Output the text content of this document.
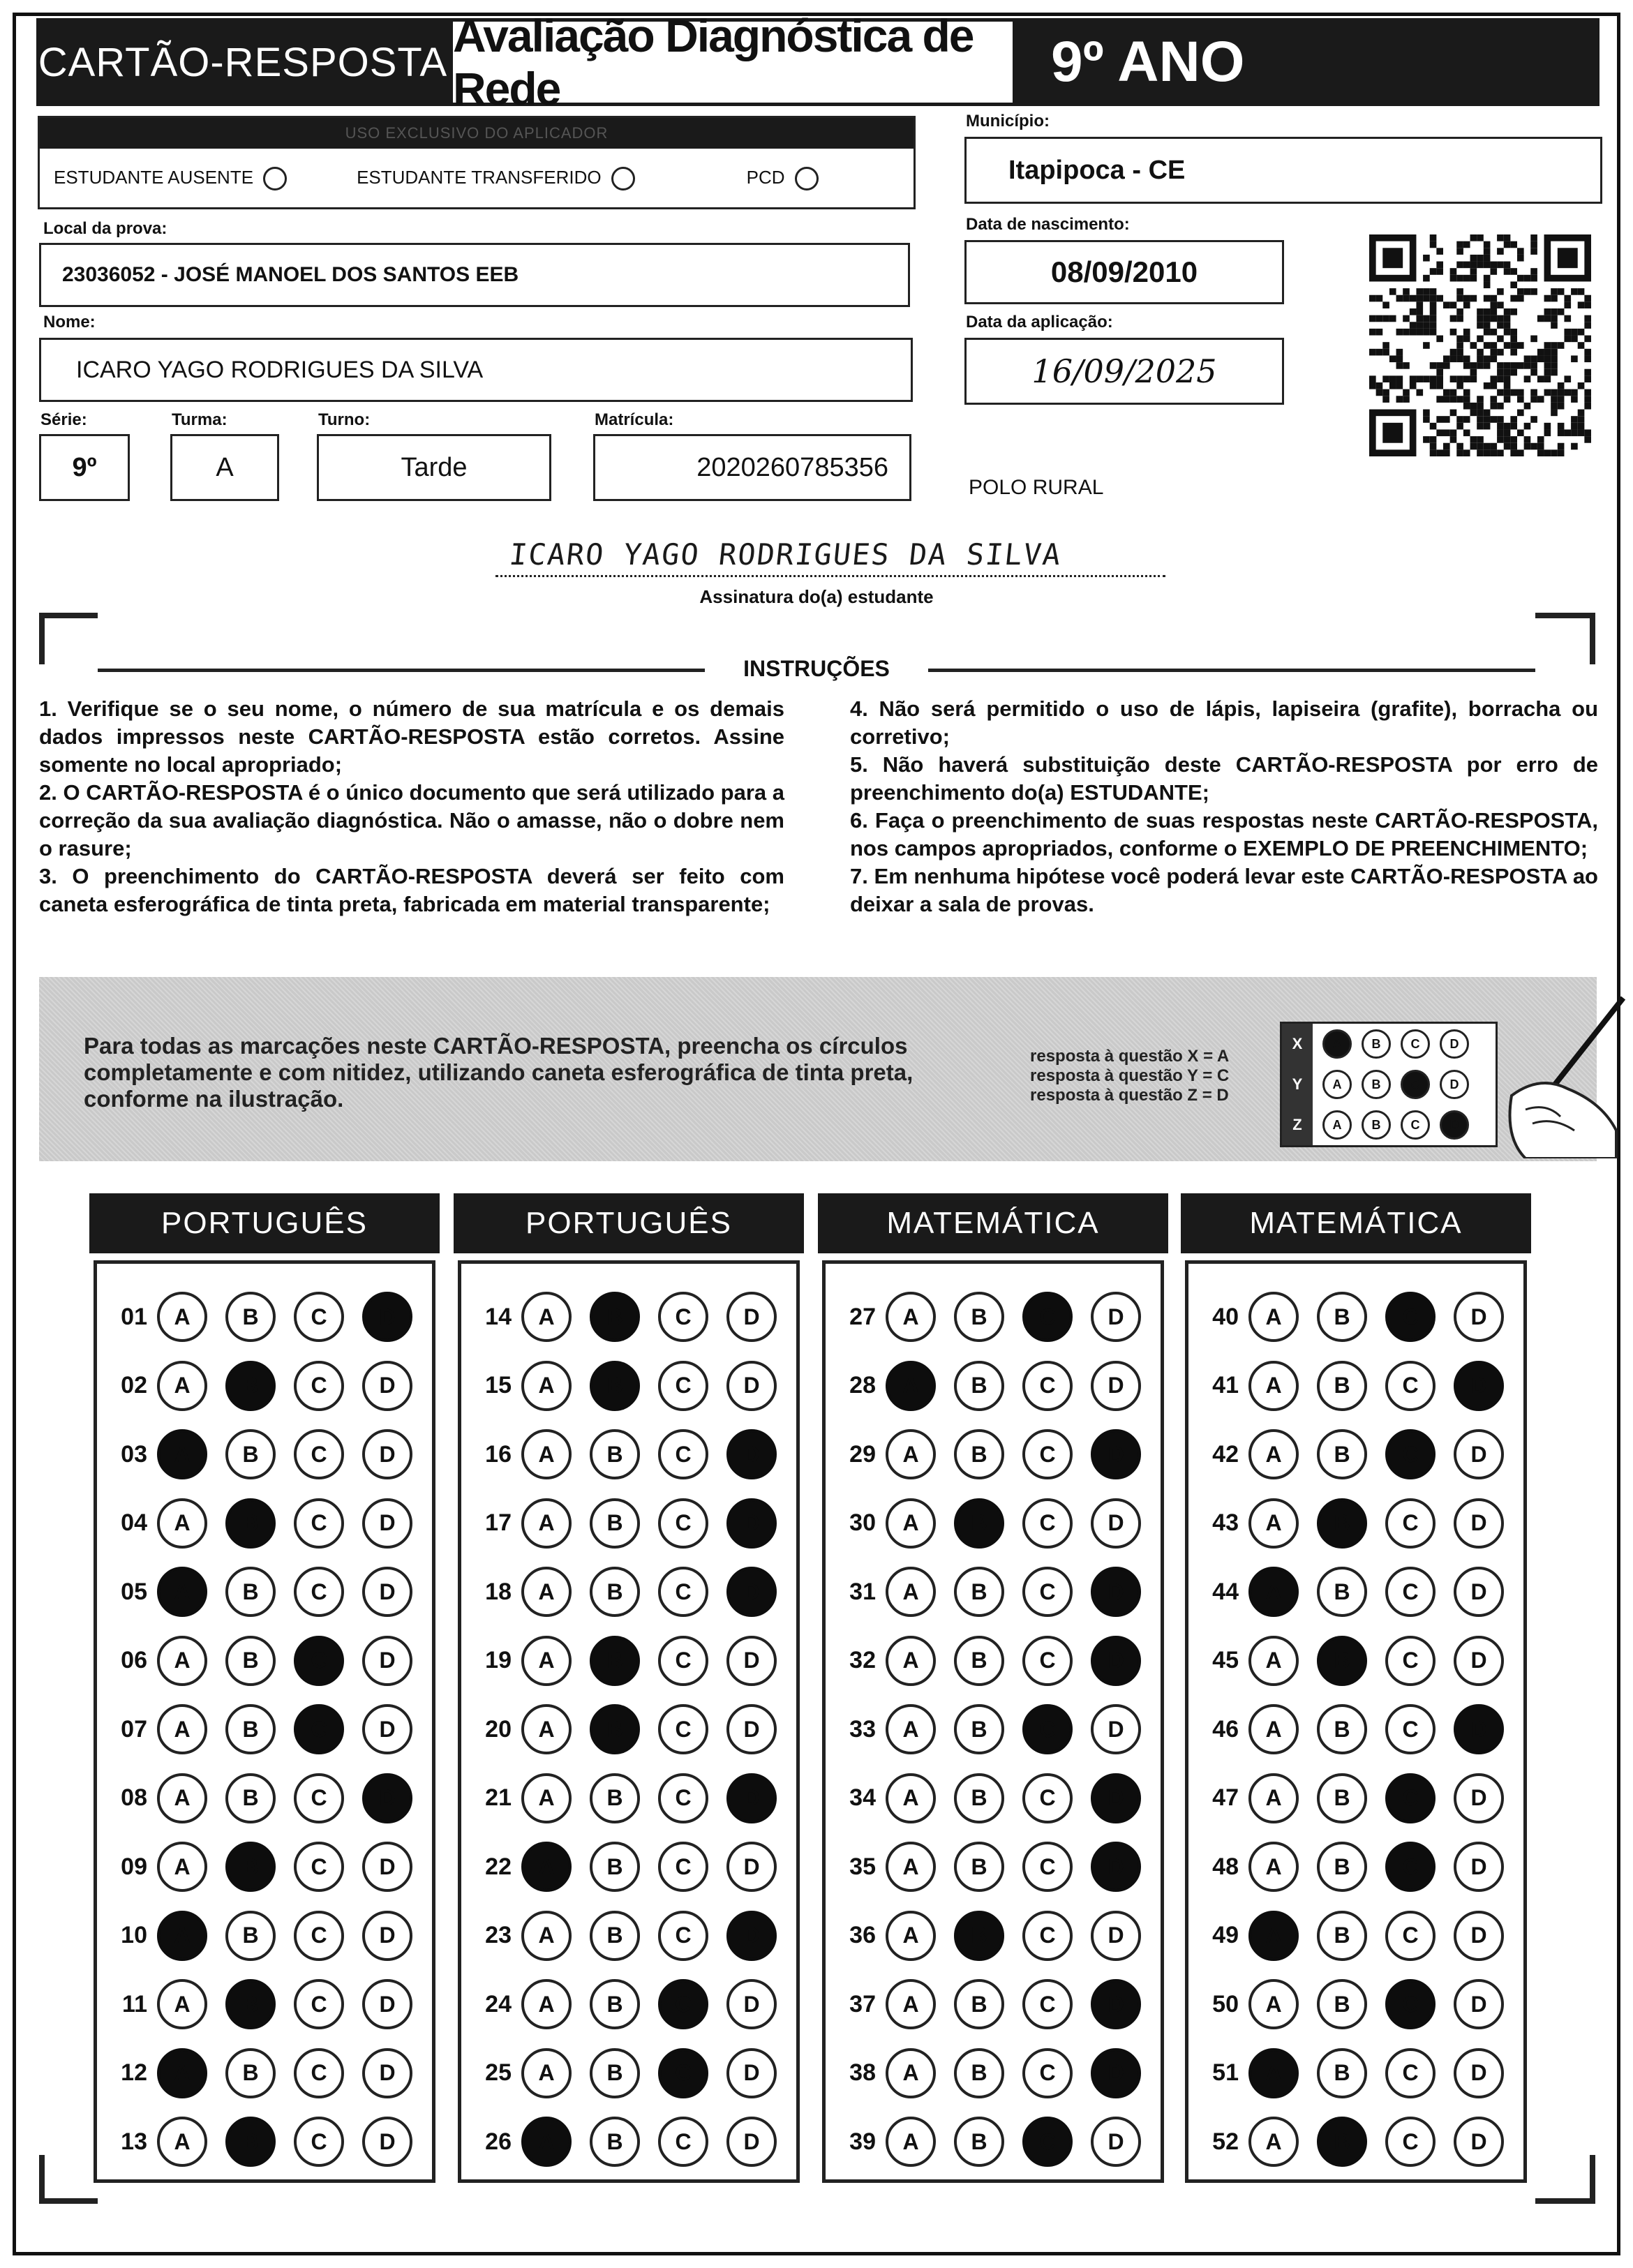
CARTÃO-RESPOSTA
Avaliação Diagnóstica de Rede	9º ANO
USO EXCLUSIVO DO APLICADOR
ESTUDANTE AUSENTE	ESTUDANTE TRANSFERIDO	PCD
Município:
Itapipoca - CE
Local da prova:
23036052 - JOSÉ MANOEL DOS SANTOS EEB
Data de nascimento:
08/09/2010
Nome:
ICARO YAGO RODRIGUES DA SILVA
Data da aplicação:
16/09/2025
Série:
9º
Turma:
A
Turno:
Tarde
Matrícula:
2020260785356
POLO RURAL
ICARO YAGO RODRIGUES DA SILVA
Assinatura do(a) estudante
INSTRUÇÕES

1. Verifique se o seu nome, o número de sua matrícula e os demais dados impressos neste CARTÃO-RESPOSTA estão corretos. Assine somente no local apropriado;

2. O CARTÃO-RESPOSTA é o único documento que será utilizado para a correção da sua avaliação diagnóstica. Não o amasse, não o dobre nem o rasure;

3. O preenchimento do CARTÃO-RESPOSTA deverá ser feito com caneta esferográfica de tinta preta, fabricada em material transparente;

4. Não será permitido o uso de lápis, lapiseira (grafite), borracha ou corretivo;

5. Não haverá substituição deste CARTÃO-RESPOSTA por erro de preenchimento do(a) ESTUDANTE;

6. Faça o preenchimento de suas respostas neste CARTÃO-RESPOSTA, nos campos apropriados, conforme o EXEMPLO DE PREENCHIMENTO;

7. Em nenhuma hipótese você poderá levar este CARTÃO-RESPOSTA ao deixar a sala de provas.

Para todas as marcações neste CARTÃO-RESPOSTA, preencha os círculos completamente e com nitidez, utilizando caneta esferográfica de tinta preta, conforme na ilustração.
resposta à questão X = A
resposta à questão Y = C
resposta à questão Z = D
X	A	B	C	D
Y	A	B	C	D
Z	A	B	C	D
PORTUGUÊS
01	A	B	C	D
02	A	B	C	D
03	A	B	C	D
04	A	B	C	D
05	A	B	C	D
06	A	B	C	D
07	A	B	C	D
08	A	B	C	D
09	A	B	C	D
10	A	B	C	D
11	A	B	C	D
12	A	B	C	D
13	A	B	C	D
PORTUGUÊS
14	A	B	C	D
15	A	B	C	D
16	A	B	C	D
17	A	B	C	D
18	A	B	C	D
19	A	B	C	D
20	A	B	C	D
21	A	B	C	D
22	A	B	C	D
23	A	B	C	D
24	A	B	C	D
25	A	B	C	D
26	A	B	C	D
MATEMÁTICA
27	A	B	C	D
28	A	B	C	D
29	A	B	C	D
30	A	B	C	D
31	A	B	C	D
32	A	B	C	D
33	A	B	C	D
34	A	B	C	D
35	A	B	C	D
36	A	B	C	D
37	A	B	C	D
38	A	B	C	D
39	A	B	C	D
MATEMÁTICA
40	A	B	C	D
41	A	B	C	D
42	A	B	C	D
43	A	B	C	D
44	A	B	C	D
45	A	B	C	D
46	A	B	C	D
47	A	B	C	D
48	A	B	C	D
49	A	B	C	D
50	A	B	C	D
51	A	B	C	D
52	A	B	C	D
